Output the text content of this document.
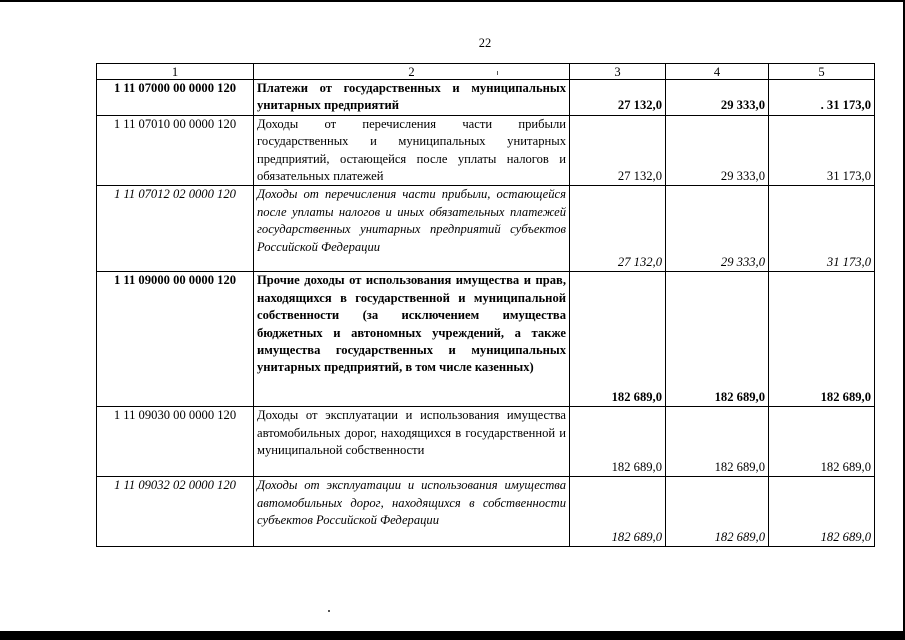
22
1	2	3	4	5
1 11 07000 00 0000 120	Платежи от государственных и муниципальных унитарных предприятий	27 132,0	29 333,0	. 31 173,0
1 11 07010 00 0000 120	Доходы от перечисления части прибыли государственных и муниципальных унитарных предприятий, остающейся после уплаты налогов и обязательных платежей	27 132,0	29 333,0	31 173,0
1 11 07012 02 0000 120	Доходы от перечисления части прибыли, остающейся после уплаты налогов и иных обязательных платежей государственных унитарных предприятий субъектов Российской Федерации	27 132,0	29 333,0	31 173,0
1 11 09000 00 0000 120	Прочие доходы от использования имущества и прав, находящихся в государственной и муниципальной собственности (за исключением имущества бюджетных и автономных учреждений, а также имущества государственных и муниципальных унитарных предприятий, в том числе казенных)	182 689,0	182 689,0	182 689,0
1 11 09030 00 0000 120	Доходы от эксплуатации и использования имущества автомобильных дорог, находящихся в государственной и муниципальной собственности	182 689,0	182 689,0	182 689,0
1 11 09032 02 0000 120	Доходы от эксплуатации и использования имущества автомобильных дорог, находящихся в собственности субъектов Российской Федерации	182 689,0	182 689,0	182 689,0
